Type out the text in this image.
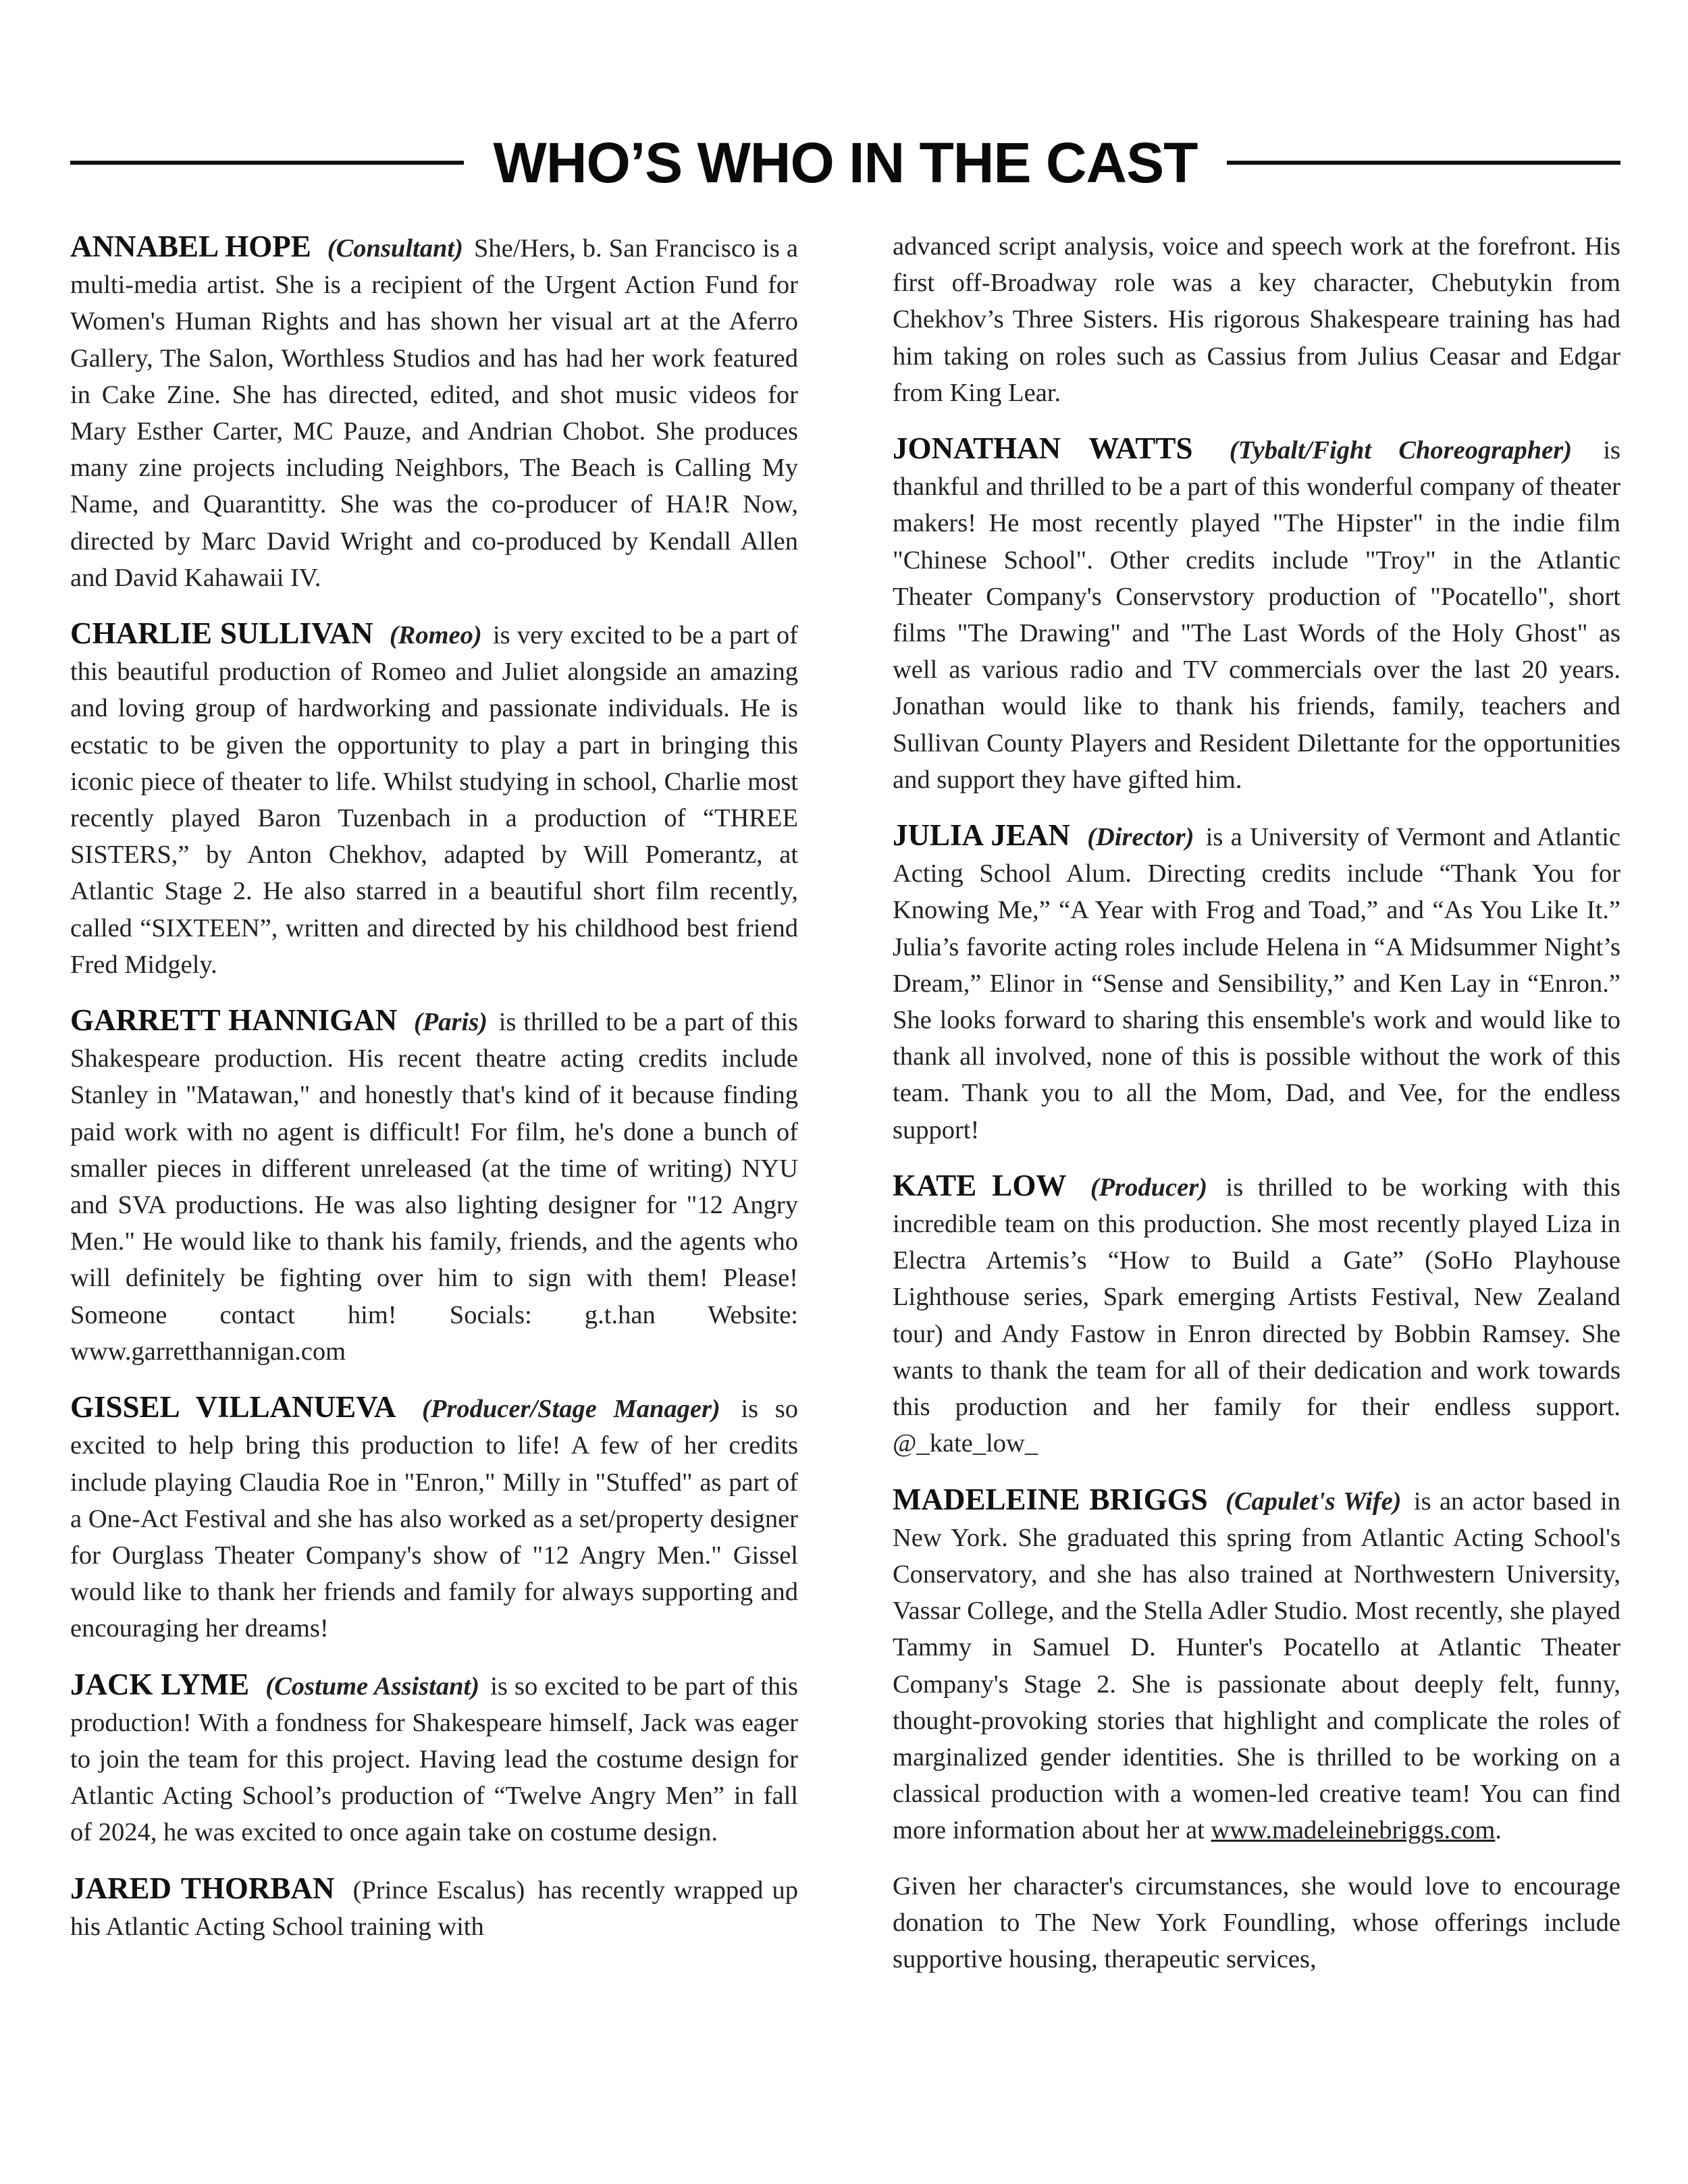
WHO’S WHO IN THE CAST

ANNABEL HOPE (Consultant) She/Hers, b. San Francisco is a multi-media artist. She is a recipient of the Urgent Action Fund for Women's Human Rights and has shown her visual art at the Aferro Gallery, The Salon, Worthless Studios and has had her work featured in Cake Zine. She has directed, edited, and shot music videos for Mary Esther Carter, MC Pauze, and Andrian Chobot. She produces many zine projects including Neighbors, The Beach is Calling My Name, and Quarantitty. She was the co-producer of HA!R Now, directed by Marc David Wright and co-produced by Kendall Allen and David Kahawaii IV.

CHARLIE SULLIVAN (Romeo) is very excited to be a part of this beautiful production of Romeo and Juliet alongside an amazing and loving group of hardworking and passionate individuals. He is ecstatic to be given the opportunity to play a part in bringing this iconic piece of theater to life. Whilst studying in school, Charlie most recently played Baron Tuzenbach in a production of “THREE SISTERS,” by Anton Chekhov, adapted by Will Pomerantz, at Atlantic Stage 2. He also starred in a beautiful short film recently, called “SIXTEEN”, written and directed by his childhood best friend Fred Midgely.

GARRETT HANNIGAN (Paris) is thrilled to be a part of this Shakespeare production. His recent theatre acting credits include Stanley in "Matawan," and honestly that's kind of it because finding paid work with no agent is difficult! For film, he's done a bunch of smaller pieces in different unreleased (at the time of writing) NYU and SVA productions. He was also lighting designer for "12 Angry Men." He would like to thank his family, friends, and the agents who will definitely be fighting over him to sign with them! Please! Someone contact him! Socials: g.t.han Website: www.garretthannigan.com

GISSEL VILLANUEVA (Producer/Stage Manager) is so excited to help bring this production to life! A few of her credits include playing Claudia Roe in "Enron," Milly in "Stuffed" as part of a One-Act Festival and she has also worked as a set/property designer for Ourglass Theater Company's show of "12 Angry Men." Gissel would like to thank her friends and family for always supporting and encouraging her dreams!

JACK LYME (Costume Assistant) is so excited to be part of this production! With a fondness for Shakespeare himself, Jack was eager to join the team for this project. Having lead the costume design for Atlantic Acting School’s production of “Twelve Angry Men” in fall of 2024, he was excited to once again take on costume design.

JARED THORBAN (Prince Escalus) has recently wrapped up his Atlantic Acting School training with

advanced script analysis, voice and speech work at the forefront. His first off-Broadway role was a key character, Chebutykin from Chekhov’s Three Sisters. His rigorous Shakespeare training has had him taking on roles such as Cassius from Julius Ceasar and Edgar from King Lear.

JONATHAN WATTS (Tybalt/Fight Choreographer) is thankful and thrilled to be a part of this wonderful company of theater makers! He most recently played "The Hipster" in the indie film "Chinese School". Other credits include "Troy" in the Atlantic Theater Company's Conservstory production of "Pocatello", short films "The Drawing" and "The Last Words of the Holy Ghost" as well as various radio and TV commercials over the last 20 years. Jonathan would like to thank his friends, family, teachers and Sullivan County Players and Resident Dilettante for the opportunities and support they have gifted him.

JULIA JEAN (Director) is a University of Vermont and Atlantic Acting School Alum. Directing credits include “Thank You for Knowing Me,” “A Year with Frog and Toad,” and “As You Like It.” Julia’s favorite acting roles include Helena in “A Midsummer Night’s Dream,” Elinor in “Sense and Sensibility,” and Ken Lay in “Enron.” She looks forward to sharing this ensemble's work and would like to thank all involved, none of this is possible without the work of this team. Thank you to all the Mom, Dad, and Vee, for the endless support!

KATE LOW (Producer) is thrilled to be working with this incredible team on this production. She most recently played Liza in Electra Artemis’s “How to Build a Gate” (SoHo Playhouse Lighthouse series, Spark emerging Artists Festival, New Zealand tour) and Andy Fastow in Enron directed by Bobbin Ramsey. She wants to thank the team for all of their dedication and work towards this production and her family for their endless support. @_kate_low_

MADELEINE BRIGGS (Capulet's Wife) is an actor based in New York. She graduated this spring from Atlantic Acting School's Conservatory, and she has also trained at Northwestern University, Vassar College, and the Stella Adler Studio. Most recently, she played Tammy in Samuel D. Hunter's Pocatello at Atlantic Theater Company's Stage 2. She is passionate about deeply felt, funny, thought-provoking stories that highlight and complicate the roles of marginalized gender identities. She is thrilled to be working on a classical production with a women-led creative team! You can find more information about her at www.madeleinebriggs.com.

Given her character's circumstances, she would love to encourage donation to The New York Foundling, whose offerings include supportive housing, therapeutic services,
